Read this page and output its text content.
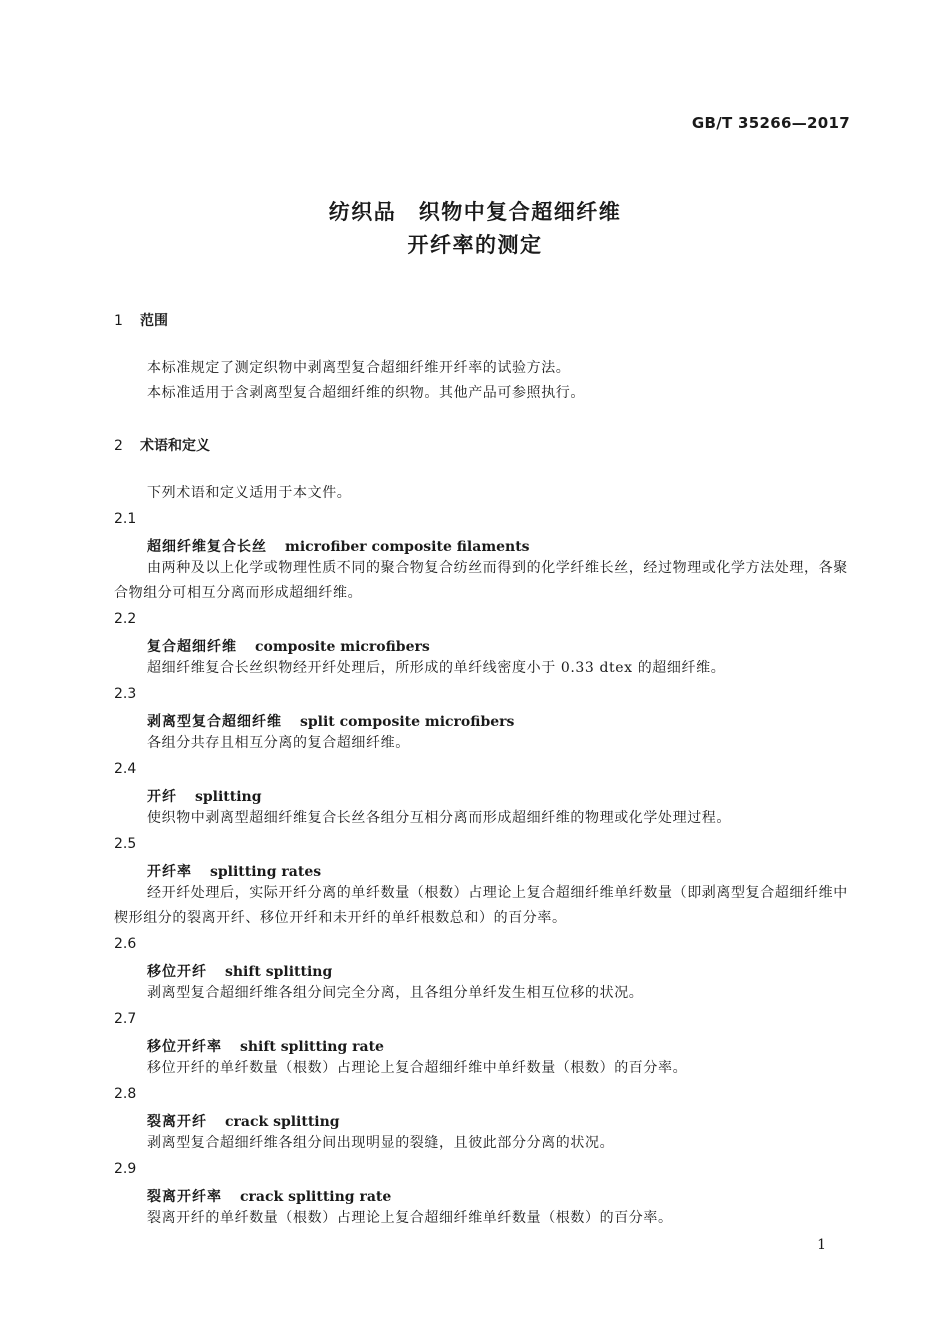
GB/T 35266—2017
纺织品　织物中复合超细纤维
开纤率的测定
1 范围
本标准规定了测定织物中剥离型复合超细纤维开纤率的试验方法。
本标准适用于含剥离型复合超细纤维的织物。其他产品可参照执行。
2 术语和定义
下列术语和定义适用于本文件。
2.1
超细纤维复合长丝 microfiber composite filaments
由两种及以上化学或物理性质不同的聚合物复合纺丝而得到的化学纤维长丝，经过物理或化学方法处理，各聚合物组分可相互分离而形成超细纤维。
2.2
复合超细纤维 composite microfibers
超细纤维复合长丝织物经开纤处理后，所形成的单纤线密度小于 0.33 dtex 的超细纤维。
2.3
剥离型复合超细纤维 split composite microfibers
各组分共存且相互分离的复合超细纤维。
2.4
开纤 splitting
使织物中剥离型超细纤维复合长丝各组分互相分离而形成超细纤维的物理或化学处理过程。
2.5
开纤率 splitting rates
经开纤处理后，实际开纤分离的单纤数量（根数）占理论上复合超细纤维单纤数量（即剥离型复合超细纤维中楔形组分的裂离开纤、移位开纤和未开纤的单纤根数总和）的百分率。
2.6
移位开纤 shift splitting
剥离型复合超细纤维各组分间完全分离，且各组分单纤发生相互位移的状况。
2.7
移位开纤率 shift splitting rate
移位开纤的单纤数量（根数）占理论上复合超细纤维中单纤数量（根数）的百分率。
2.8
裂离开纤 crack splitting
剥离型复合超细纤维各组分间出现明显的裂缝，且彼此部分分离的状况。
2.9
裂离开纤率 crack splitting rate
裂离开纤的单纤数量（根数）占理论上复合超细纤维单纤数量（根数）的百分率。
1
